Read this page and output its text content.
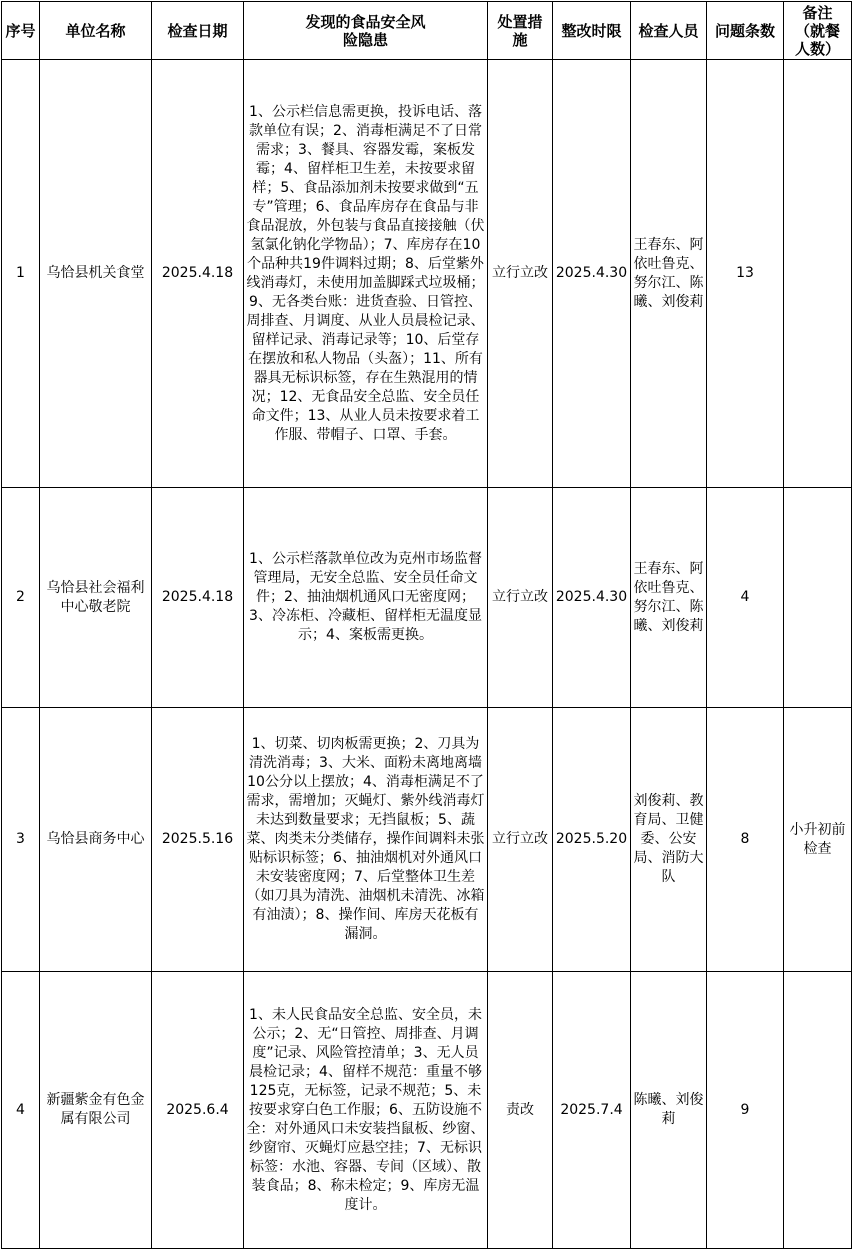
序号	单位名称	检查日期	发现的食品安全风险隐患	处置措施	整改时限	检查人员	问题条数	备注（就餐人数）
1	乌恰县机关食堂	2025.4.18	1、公示栏信息需更换，投诉电话、落款单位有误；2、消毒柜满足不了日常需求；3、餐具、容器发霉，案板发霉；4、留样柜卫生差，未按要求留样；5、食品添加剂未按要求做到“五专”管理；6、食品库房存在食品与非食品混放，外包装与食品直接接触（伏氢氯化钠化学物品）；7、库房存在10个品种共19件调料过期；8、后堂紫外线消毒灯，未使用加盖脚踩式垃圾桶；9、无各类台账：进货查验、日管控、周排查、月调度、从业人员晨检记录、留样记录、消毒记录等；10、后堂存在摆放和私人物品（头盔）；11、所有器具无标识标签，存在生熟混用的情况；12、无食品安全总监、安全员任命文件；13、从业人员未按要求着工作服、带帽子、口罩、手套。	立行立改	2025.4.30	王春东、阿依吐鲁克、努尔江、陈曦、刘俊莉	13	
2	乌恰县社会福利中心敬老院	2025.4.18	1、公示栏落款单位改为克州市场监督管理局，无安全总监、安全员任命文件；2、抽油烟机通风口无密度网；3、冷冻柜、冷藏柜、留样柜无温度显示；4、案板需更换。	立行立改	2025.4.30	王春东、阿依吐鲁克、努尔江、陈曦、刘俊莉	4	
3	乌恰县商务中心	2025.5.16	1、切菜、切肉板需更换；2、刀具为清洗消毒；3、大米、面粉未离地离墙10公分以上摆放；4、消毒柜满足不了需求，需增加；灭蝇灯、紫外线消毒灯未达到数量要求；无挡鼠板；5、蔬菜、肉类未分类储存，操作间调料未张贴标识标签；6、抽油烟机对外通风口未安装密度网；7、后堂整体卫生差（如刀具为清洗、油烟机未清洗、冰箱有油渍）；8、操作间、库房天花板有漏洞。	立行立改	2025.5.20	刘俊莉、教育局、卫健委、公安局、消防大队	8	小升初前检查
4	新疆紫金有色金属有限公司	2025.6.4	1、未人民食品安全总监、安全员，未公示；2、无“日管控、周排查、月调度”记录、风险管控清单；3、无人员晨检记录；4、留样不规范：重量不够125克，无标签，记录不规范；5、未按要求穿白色工作服；6、五防设施不全：对外通风口未安装挡鼠板、纱窗、纱窗帘、灭蝇灯应悬空挂；7、无标识标签：水池、容器、专间（区域）、散装食品；8、称未检定；9、库房无温度计。	责改	2025.7.4	陈曦、刘俊莉	9	
